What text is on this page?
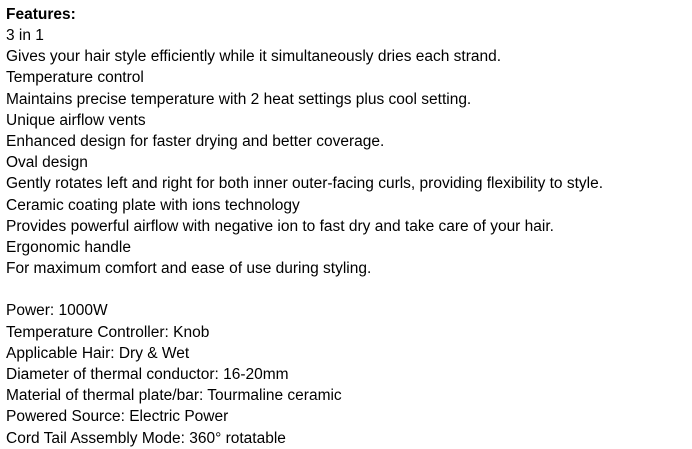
Features:
3 in 1
Gives your hair style efficiently while it simultaneously dries each strand.
Temperature control
Maintains precise temperature with 2 heat settings plus cool setting.
Unique airflow vents
Enhanced design for faster drying and better coverage.
Oval design
Gently rotates left and right for both inner outer-facing curls, providing flexibility to style.
Ceramic coating plate with ions technology
Provides powerful airflow with negative ion to fast dry and take care of your hair.
Ergonomic handle
For maximum comfort and ease of use during styling.
Power: 1000W
Temperature Controller: Knob
Applicable Hair: Dry & Wet
Diameter of thermal conductor: 16-20mm
Material of thermal plate/bar: Tourmaline ceramic
Powered Source: Electric Power
Cord Tail Assembly Mode: 360° rotatable
